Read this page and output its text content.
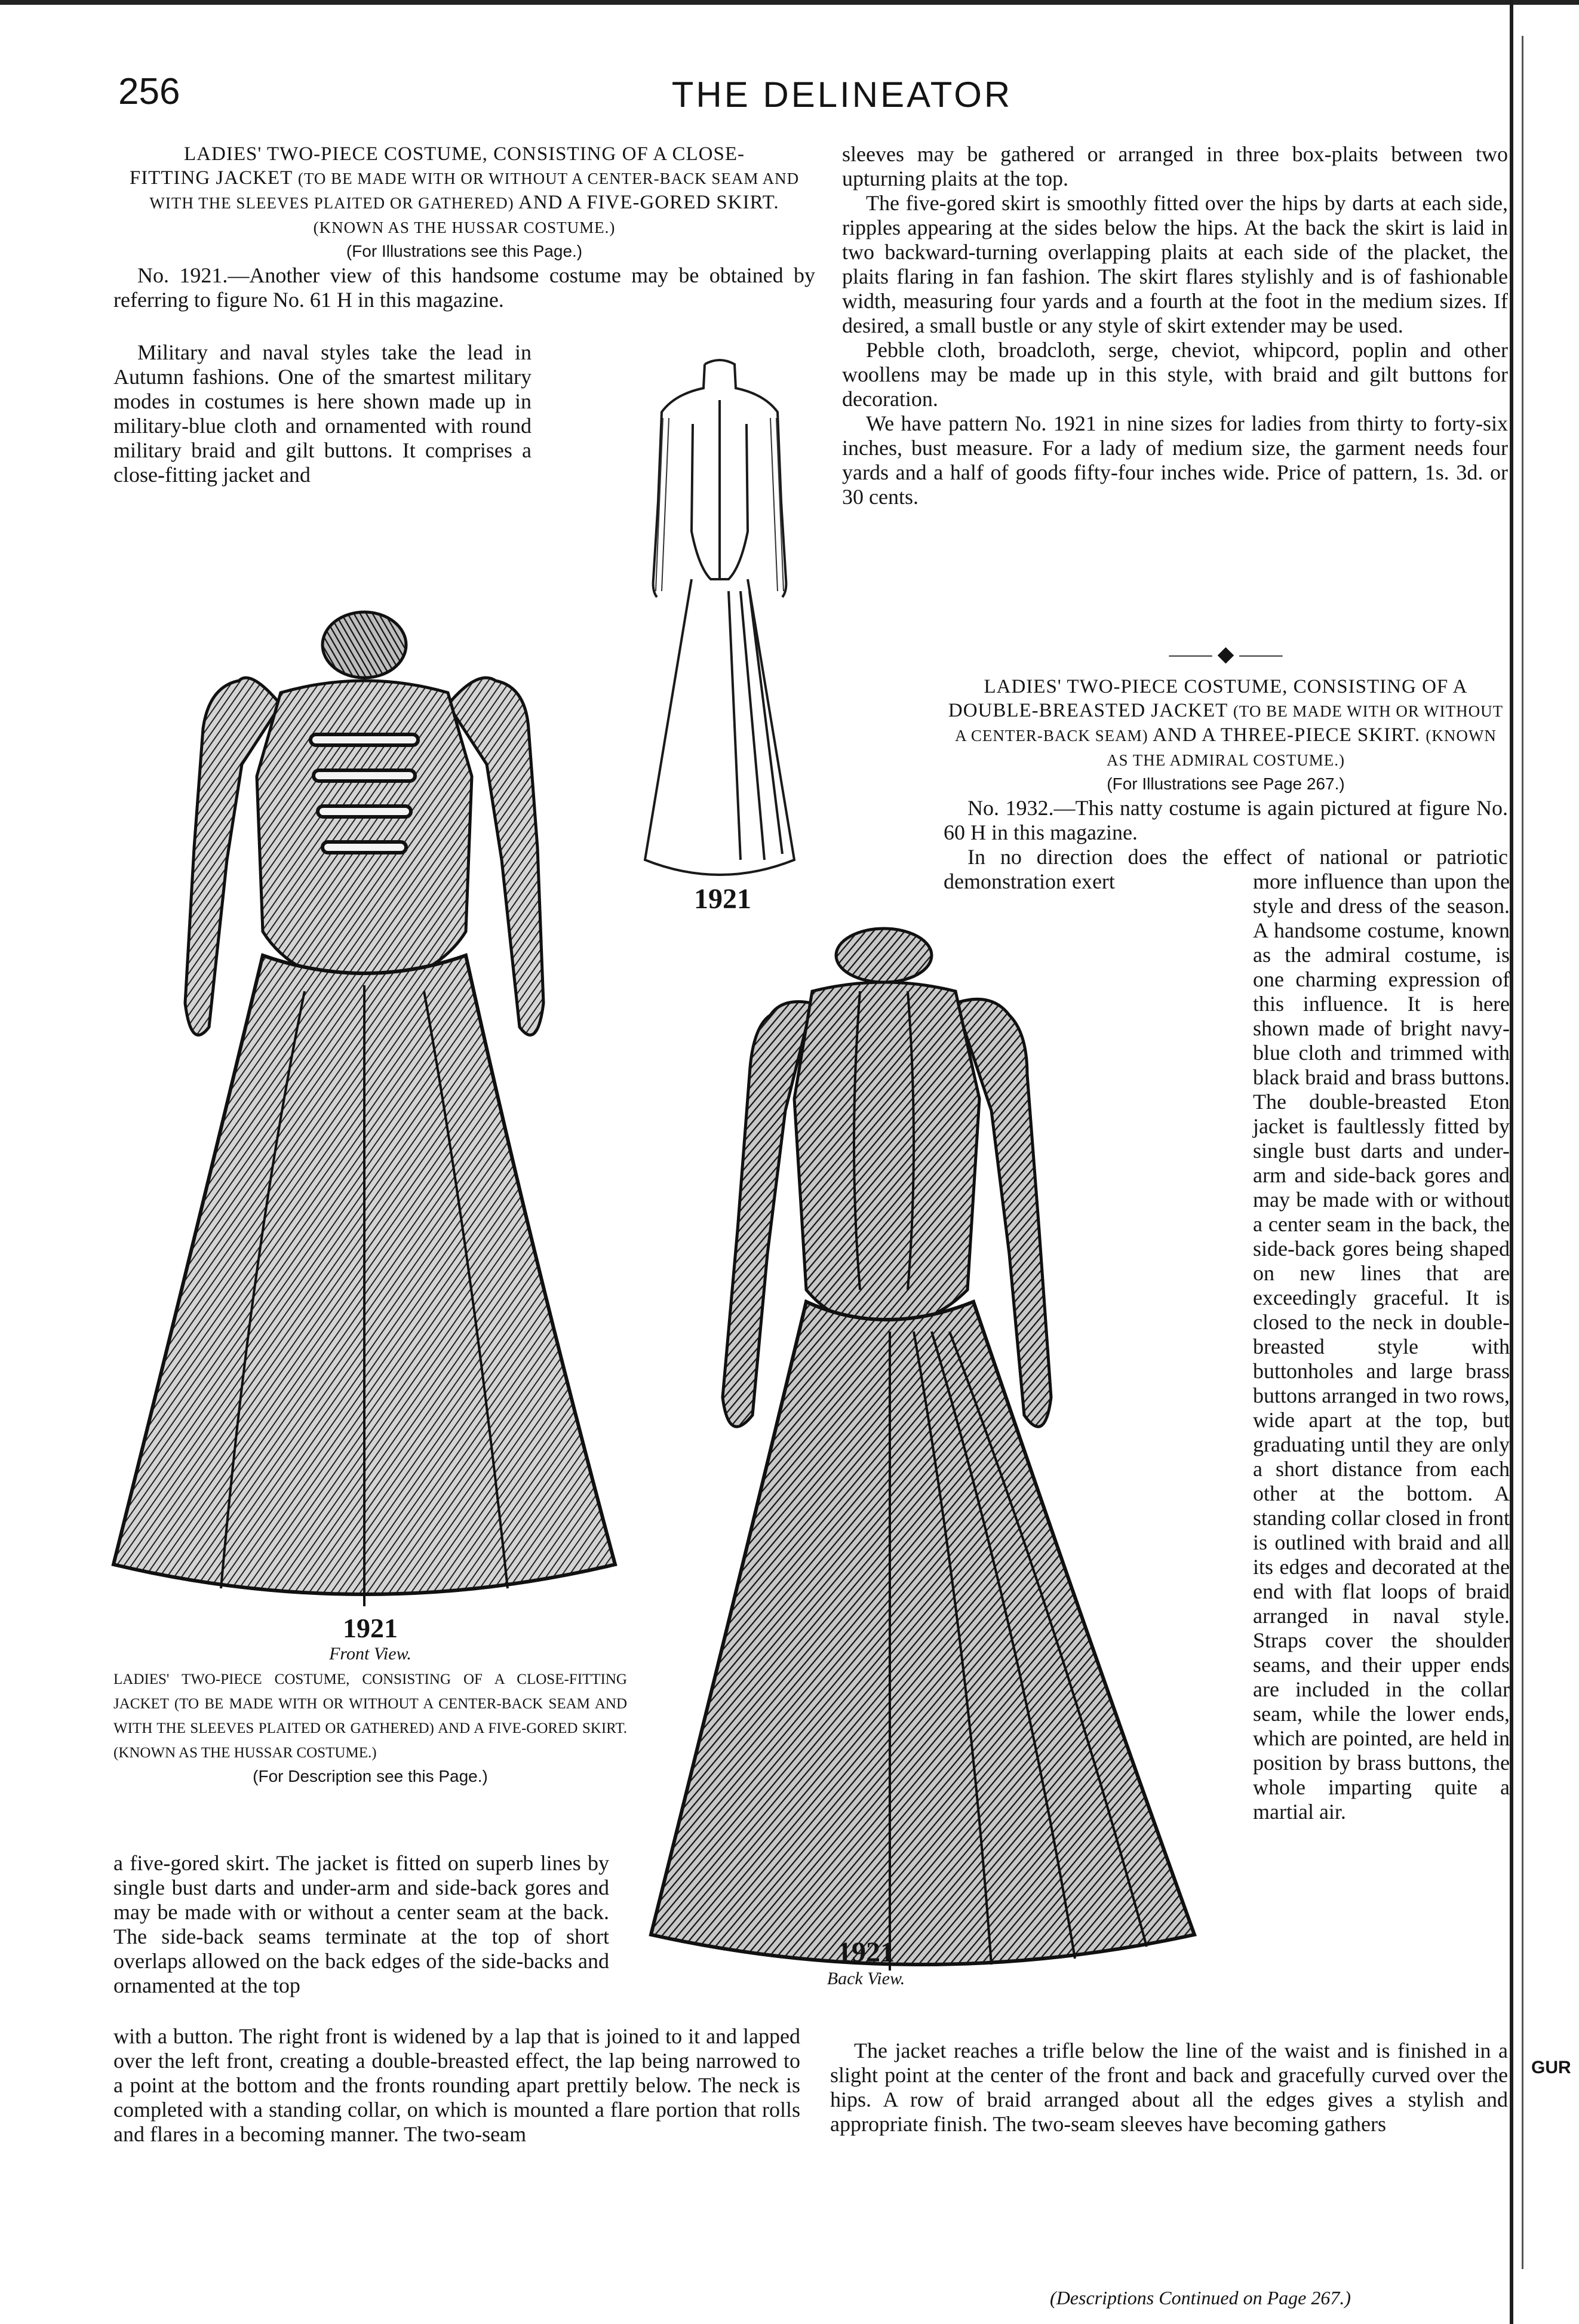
256	THE DELINEATOR

LADIES' TWO-PIECE COSTUME, CONSISTING OF A CLOSE-
FITTING JACKET (TO BE MADE WITH OR WITHOUT A CENTER-BACK SEAM AND WITH THE SLEEVES PLAITED OR GATHERED) AND A FIVE-GORED SKIRT. (KNOWN AS THE HUSSAR COSTUME.)

(For Illustrations see this Page.)

No. 1921.—Another view of this handsome costume may be obtained by referring to figure No. 61 H in this magazine.

Military and naval styles take the lead in Autumn fashions. One of the smartest military modes in costumes is here shown made up in military-blue cloth and ornamented with round military braid and gilt buttons. It comprises a close-fitting jacket and

1921
1921
Front View.
LADIES' TWO-PIECE COSTUME, CONSISTING OF A CLOSE-FITTING JACKET (TO BE MADE WITH OR WITHOUT A CENTER-BACK SEAM AND WITH THE SLEEVES PLAITED OR GATHERED) AND A FIVE-GORED SKIRT. (KNOWN AS THE HUSSAR COSTUME.)
(For Description see this Page.)

a five-gored skirt. The jacket is fitted on superb lines by single bust darts and under-arm and side-back gores and may be made with or without a center seam at the back. The side-back seams terminate at the top of short overlaps allowed on the back edges of the side-backs and ornamented at the top

with a button. The right front is widened by a lap that is joined to it and lapped over the left front, creating a double-breasted effect, the lap being narrowed to a point at the bottom and the fronts rounding apart prettily below. The neck is completed with a standing collar, on which is mounted a flare portion that rolls and flares in a becoming manner. The two-seam

1921
Back View.

sleeves may be gathered or arranged in three box-plaits between two upturning plaits at the top.

The five-gored skirt is smoothly fitted over the hips by darts at each side, ripples appearing at the sides below the hips. At the back the skirt is laid in two backward-turning overlapping plaits at each side of the placket, the plaits flaring in fan fashion. The skirt flares stylishly and is of fashionable width, measuring four yards and a fourth at the foot in the medium sizes. If desired, a small bustle or any style of skirt extender may be used.

Pebble cloth, broadcloth, serge, cheviot, whipcord, poplin and other woollens may be made up in this style, with braid and gilt buttons for decoration.

We have pattern No. 1921 in nine sizes for ladies from thirty to forty-six inches, bust measure. For a lady of medium size, the garment needs four yards and a half of goods fifty-four inches wide. Price of pattern, 1s. 3d. or 30 cents.

—— ◆ ——

LADIES' TWO-PIECE COSTUME, CONSISTING OF A
DOUBLE-BREASTED JACKET (TO BE MADE WITH OR WITHOUT A CENTER-BACK SEAM) AND A THREE-PIECE SKIRT. (KNOWN AS THE ADMIRAL COSTUME.)

(For Illustrations see Page 267.)

No. 1932.—This natty costume is again pictured at figure No. 60 H in this magazine.

In no direction does the effect of national or patriotic demonstration exert	more influence than upon the style and dress of the season. A handsome costume, known as the admiral costume, is one charming expression of this influence. It is here shown made of bright navy-blue cloth and trimmed with black braid and brass buttons. The double-breasted Eton jacket is faultlessly fitted by single bust darts and under-arm and side-back gores and may be made with or without a center seam in the back, the side-back gores being shaped on new lines that are exceedingly graceful. It is closed to the neck in double-breasted style with buttonholes and large brass buttons arranged in two rows, wide apart at the top, but graduating until they are only a short distance from each other at the bottom. A standing collar closed in front is outlined with braid and all its edges and decorated at the end with flat loops of braid arranged in naval style. Straps cover the shoulder seams, and their upper ends are included in the collar seam, while the lower ends, which are pointed, are held in position by brass buttons, the whole imparting quite a martial air.

The jacket reaches a trifle below the line of the waist and is finished in a slight point at the center of the front and back and gracefully curved over the hips. A row of braid arranged about all the edges gives a stylish and appropriate finish. The two-seam sleeves have becoming gathers

(Descriptions Continued on Page 267.)
GUR
